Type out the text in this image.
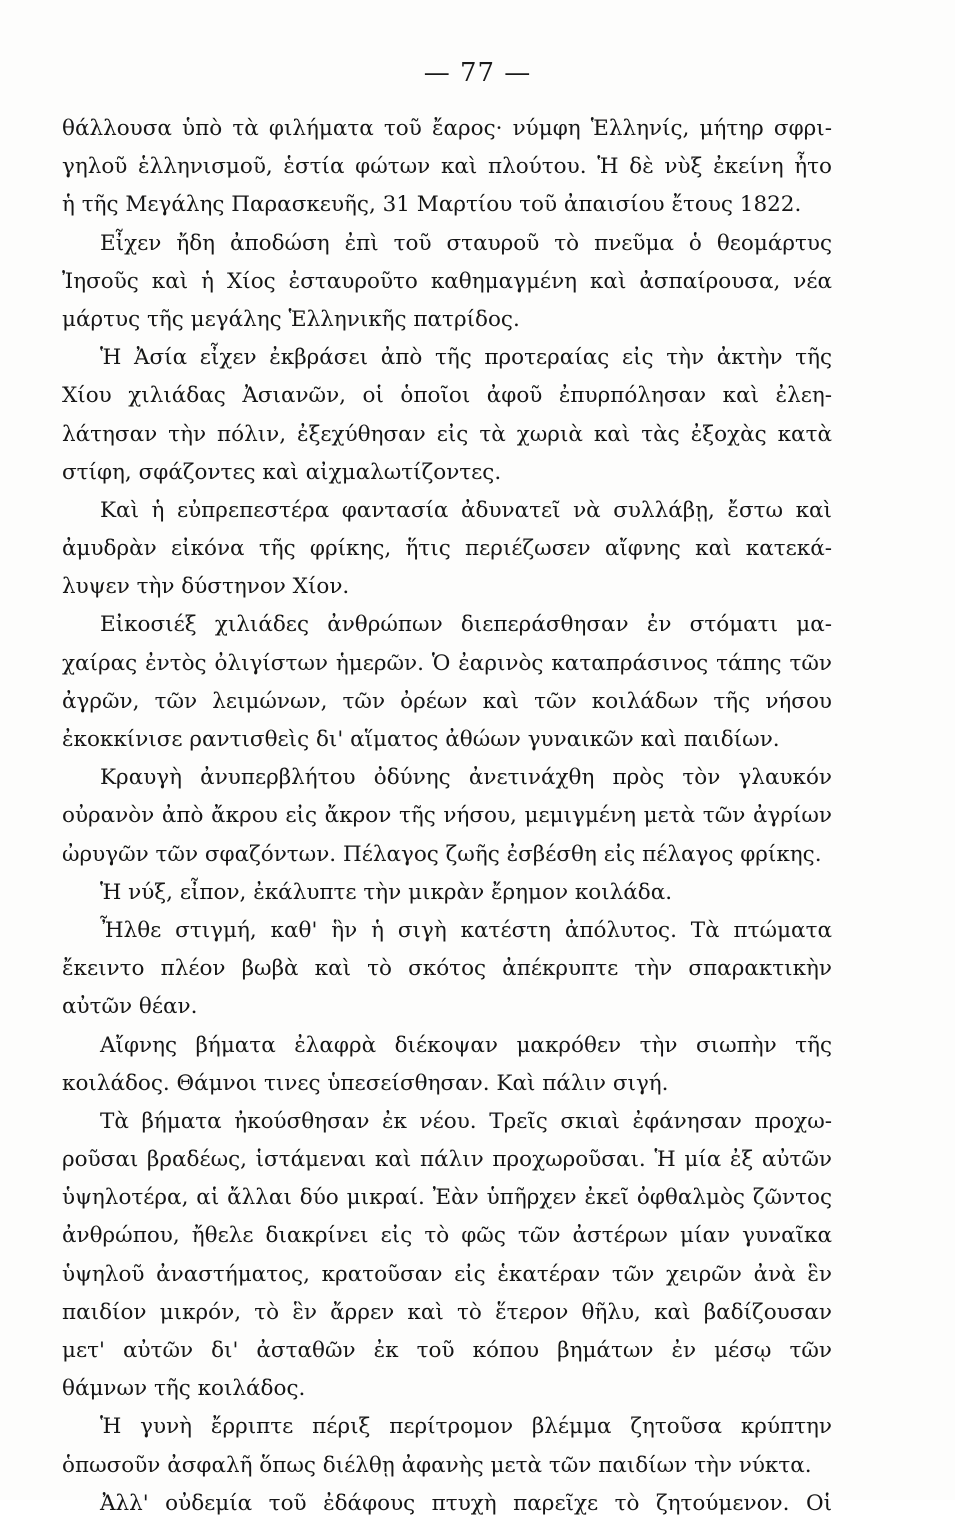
— 77 —
θάλλουσα ὑπὸ τὰ φιλήματα τοῦ ἔαρος· νύμφη Ἑλληνίς, μήτηρ σφρι-
γηλοῦ ἑλληνισμοῦ, ἑστία φώτων καὶ πλούτου. Ἡ δὲ νὺξ ἐκείνη ἦτο
ἡ τῆς Μεγάλης Παρασκευῆς, 31 Μαρτίου τοῦ ἀπαισίου ἔτους 1822.
Εἶχεν ἤδη ἀποδώση ἐπὶ τοῦ σταυροῦ τὸ πνεῦμα ὁ θεομάρτυς
Ἰησοῦς καὶ ἡ Χίος ἐσταυροῦτο καθημαγμένη καὶ ἀσπαίρουσα, νέα
μάρτυς τῆς μεγάλης Ἑλληνικῆς πατρίδος.
Ἡ Ἀσία εἶχεν ἐκβράσει ἀπὸ τῆς προτεραίας εἰς τὴν ἀκτὴν τῆς
Χίου χιλιάδας Ἀσιανῶν, οἱ ὁποῖοι ἀφοῦ ἐπυρπόλησαν καὶ ἐλεη-
λάτησαν τὴν πόλιν, ἐξεχύθησαν εἰς τὰ χωριὰ καὶ τὰς ἐξοχὰς κατὰ
στίφη, σφάζοντες καὶ αἰχμαλωτίζοντες.
Καὶ ἡ εὐπρεπεστέρα φαντασία ἀδυνατεῖ νὰ συλλάβῃ, ἔστω καὶ
ἀμυδρὰν εἰκόνα τῆς φρίκης, ἥτις περιέζωσεν αἴφνης καὶ κατεκά-
λυψεν τὴν δύστηνον Χίον.
Εἰκοσιέξ χιλιάδες ἀνθρώπων διεπεράσθησαν ἐν στόματι μα-
χαίρας ἐντὸς ὀλιγίστων ἡμερῶν. Ὁ ἐαρινὸς καταπράσινος τάπης τῶν
ἀγρῶν, τῶν λειμώνων, τῶν ὀρέων καὶ τῶν κοιλάδων τῆς νήσου
ἐκοκκίνισε ραντισθεὶς δι' αἵματος ἀθώων γυναικῶν καὶ παιδίων.
Κραυγὴ ἀνυπερβλήτου ὀδύνης ἀνετινάχθη πρὸς τὸν γλαυκόν
οὐρανὸν ἀπὸ ἄκρου εἰς ἄκρον τῆς νήσου, μεμιγμένη μετὰ τῶν ἀγρίων
ὠρυγῶν τῶν σφαζόντων. Πέλαγος ζωῆς ἐσβέσθη εἰς πέλαγος φρίκης.
Ἡ νύξ, εἶπον, ἐκάλυπτε τὴν μικρὰν ἔρημον κοιλάδα.
Ἦλθε στιγμή, καθ' ἣν ἡ σιγὴ κατέστη ἀπόλυτος. Τὰ πτώματα
ἔκειντο πλέον βωβὰ καὶ τὸ σκότος ἀπέκρυπτε τὴν σπαρακτικὴν
αὐτῶν θέαν.
Αἴφνης βήματα ἐλαφρὰ διέκοψαν μακρόθεν τὴν σιωπὴν τῆς
κοιλάδος. Θάμνοι τινες ὑπεσείσθησαν. Καὶ πάλιν σιγή.
Τὰ βήματα ἠκούσθησαν ἐκ νέου. Τρεῖς σκιαὶ ἐφάνησαν προχω-
ροῦσαι βραδέως, ἱστάμεναι καὶ πάλιν προχωροῦσαι. Ἡ μία ἐξ αὐτῶν
ὑψηλοτέρα, αἱ ἄλλαι δύο μικραί. Ἐὰν ὑπῆρχεν ἐκεῖ ὀφθαλμὸς ζῶντος
ἀνθρώπου, ἤθελε διακρίνει εἰς τὸ φῶς τῶν ἀστέρων μίαν γυναῖκα
ὑψηλοῦ ἀναστήματος, κρατοῦσαν εἰς ἑκατέραν τῶν χειρῶν ἀνὰ ἓν
παιδίον μικρόν, τὸ ἓν ἄρρεν καὶ τὸ ἕτερον θῆλυ, καὶ βαδίζουσαν
μετ' αὐτῶν δι' ἀσταθῶν ἐκ τοῦ κόπου βημάτων ἐν μέσῳ τῶν
θάμνων τῆς κοιλάδος.
Ἡ γυνὴ ἔρριπτε πέριξ περίτρομον βλέμμα ζητοῦσα κρύπτην
ὁπωσοῦν ἀσφαλῆ ὅπως διέλθῃ ἀφανὴς μετὰ τῶν παιδίων τὴν νύκτα.
Ἀλλ' οὐδεμία τοῦ ἐδάφους πτυχὴ παρεῖχε τὸ ζητούμενον. Οἱ
